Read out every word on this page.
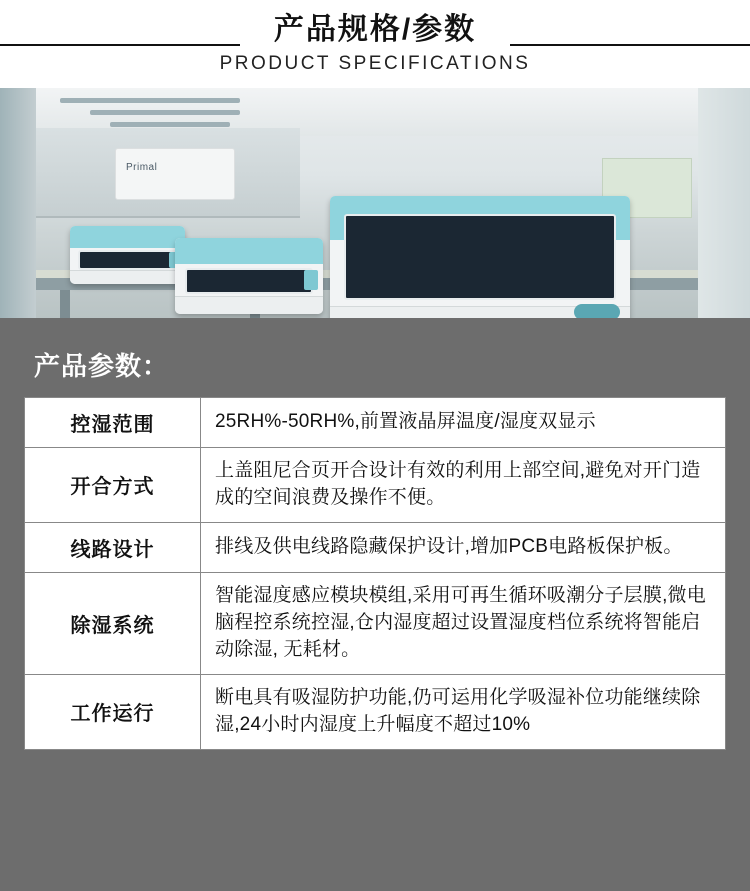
产品规格/参数
PRODUCT SPECIFICATIONS
Primal
产品参数：
控湿范围	25RH%-50RH%,前置液晶屏温度/湿度双显示
开合方式	上盖阻尼合页开合设计有效的利用上部空间,避免对开门造成的空间浪费及操作不便。
线路设计	排线及供电线路隐藏保护设计,增加PCB电路板保护板。
除湿系统	智能湿度感应模块模组,采用可再生循环吸潮分子层膜,微电脑程控系统控湿,仓内湿度超过设置湿度档位系统将智能启动除湿, 无耗材。
工作运行	断电具有吸湿防护功能,仍可运用化学吸湿补位功能继续除湿,24小时内湿度上升幅度不超过10%
